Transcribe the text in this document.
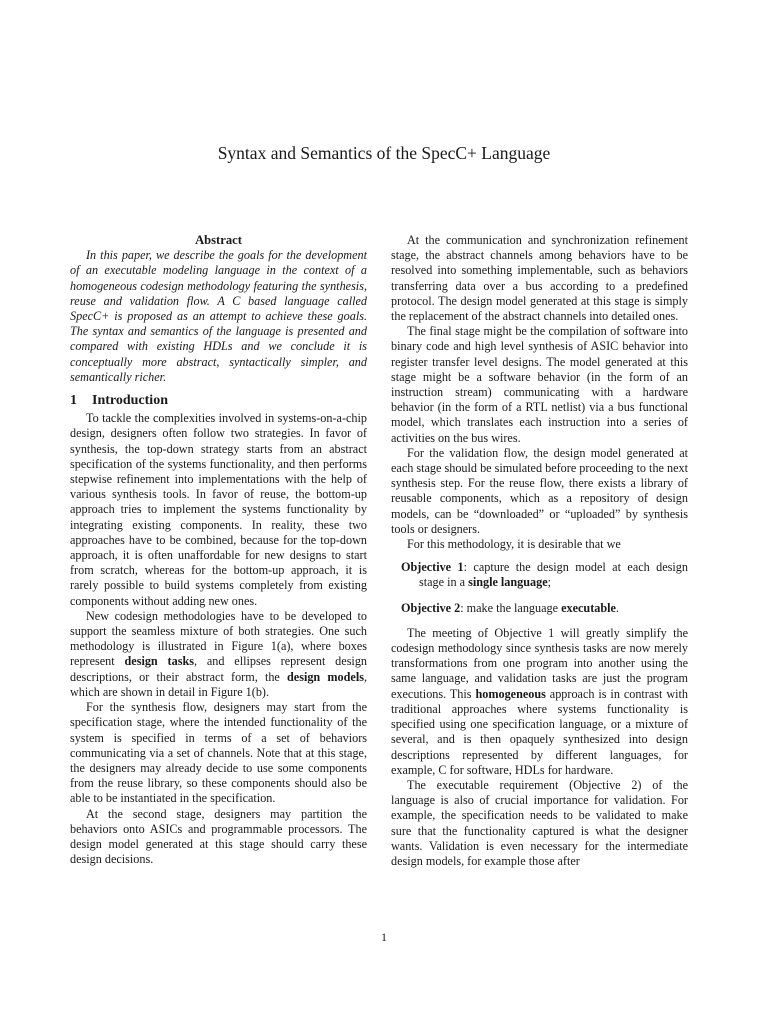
Syntax and Semantics of the SpecC+ Language

Abstract

In this paper, we describe the goals for the development of an executable modeling language in the context of a homogeneous codesign methodology featuring the synthesis, reuse and validation flow. A C based language called SpecC+ is proposed as an attempt to achieve these goals. The syntax and semantics of the language is presented and compared with existing HDLs and we conclude it is conceptually more abstract, syntactically simpler, and semantically richer.

1 Introduction

To tackle the complexities involved in systems-on-a-chip design, designers often follow two strategies. In favor of synthesis, the top-down strategy starts from an abstract specification of the systems functionality, and then performs stepwise refinement into implementations with the help of various synthesis tools. In favor of reuse, the bottom-up approach tries to implement the systems functionality by integrating existing components. In reality, these two approaches have to be combined, because for the top-down approach, it is often unaffordable for new designs to start from scratch, whereas for the bottom-up approach, it is rarely possible to build systems completely from existing components without adding new ones.

New codesign methodologies have to be developed to support the seamless mixture of both strategies. One such methodology is illustrated in Figure 1(a), where boxes represent design tasks, and ellipses represent design descriptions, or their abstract form, the design models, which are shown in detail in Figure 1(b).

For the synthesis flow, designers may start from the specification stage, where the intended functionality of the system is specified in terms of a set of behaviors communicating via a set of channels. Note that at this stage, the designers may already decide to use some components from the reuse library, so these components should also be able to be instantiated in the specification.

At the second stage, designers may partition the behaviors onto ASICs and programmable processors. The design model generated at this stage should carry these design decisions.

At the communication and synchronization refinement stage, the abstract channels among behaviors have to be resolved into something implementable, such as behaviors transferring data over a bus according to a predefined protocol. The design model generated at this stage is simply the replacement of the abstract channels into detailed ones.

The final stage might be the compilation of software into binary code and high level synthesis of ASIC behavior into register transfer level designs. The model generated at this stage might be a software behavior (in the form of an instruction stream) communicating with a hardware behavior (in the form of a RTL netlist) via a bus functional model, which translates each instruction into a series of activities on the bus wires.

For the validation flow, the design model generated at each stage should be simulated before proceeding to the next synthesis step. For the reuse flow, there exists a library of reusable components, which as a repository of design models, can be “downloaded” or “uploaded” by synthesis tools or designers.

For this methodology, it is desirable that we

Objective 1: capture the design model at each design stage in a single language;

Objective 2: make the language executable.

The meeting of Objective 1 will greatly simplify the codesign methodology since synthesis tasks are now merely transformations from one program into another using the same language, and validation tasks are just the program executions. This homogeneous approach is in contrast with traditional approaches where systems functionality is specified using one specification language, or a mixture of several, and is then opaquely synthesized into design descriptions represented by different languages, for example, C for software, HDLs for hardware.

The executable requirement (Objective 2) of the language is also of crucial importance for validation. For example, the specification needs to be validated to make sure that the functionality captured is what the designer wants. Validation is even necessary for the intermediate design models, for example those after

1
